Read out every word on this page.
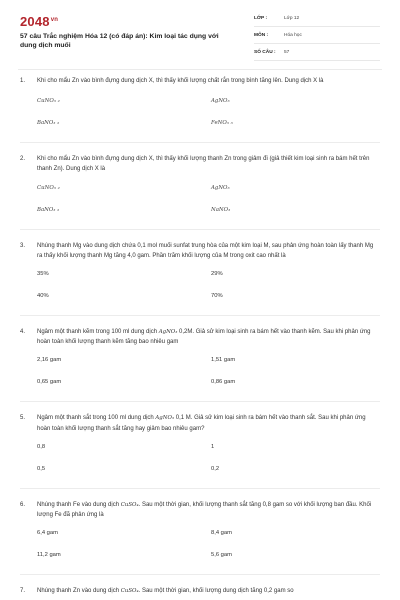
$2048^{vn}$
57 câu Trắc nghiệm Hóa 12 (có đáp án): Kim loại tác dụng với dung dịch muối
LỚP :	Lớp 12
MÔN :	Hóa học
SỐ CÂU : 57
1. Khi cho mẩu Zn vào bình đựng dung dịch X, thì thấy khối lượng chất rắn trong bình tăng lên. Dung dịch X là
CuNO₃ ₂	AgNO₃
BaNO₃ ₂	FeNO₃ ₃
2. Khi cho mẩu Zn vào bình đựng dung dịch X, thì thấy khối lượng thanh Zn trong giảm đi (giả thiết kim loại sinh ra bám hết trên thanh Zn). Dung dịch X là
CuNO₃ ₂	AgNO₃
BaNO₃ ₂	NaNO₃
3. Nhúng thanh Mg vào dung dịch chứa 0,1 mol muối sunfat trung hòa của một kim loại M, sau phản ứng hoàn toàn lấy thanh Mg ra thấy khối lượng thanh Mg tăng 4,0 gam. Phần trăm khối lượng của M trong oxit cao nhất là
35%	29%
40%	70%
4. Ngâm một thanh kẽm trong 100 ml dung dịch AgNO₃ 0,2M. Giả sử kim loại sinh ra bám hết vào thanh kẽm. Sau khi phản ứng hoàn toàn khối lượng thanh kẽm tăng bao nhiêu gam
2,16 gam	1,51 gam
0,65 gam	0,86 gam
5. Ngâm một thanh sắt trong 100 ml dung dịch AgNO₃ 0,1 M. Giả sử kim loại sinh ra bám hết vào thanh sắt. Sau khi phản ứng hoàn toàn khối lượng thanh sắt tăng hay giảm bao nhiêu gam?
0,8	1
0,5	0,2
6. Nhúng thanh Fe vào dung dịch CuSO₄. Sau một thời gian, khối lượng thanh sắt tăng 0,8 gam so với khối lượng ban đầu. Khối lượng Fe đã phản ứng là
6,4 gam	8,4 gam
11,2 gam	5,6 gam
7. Nhúng thanh Zn vào dung dịch CuSO₄. Sau một thời gian, khối lượng dung dịch tăng 0,2 gam so
